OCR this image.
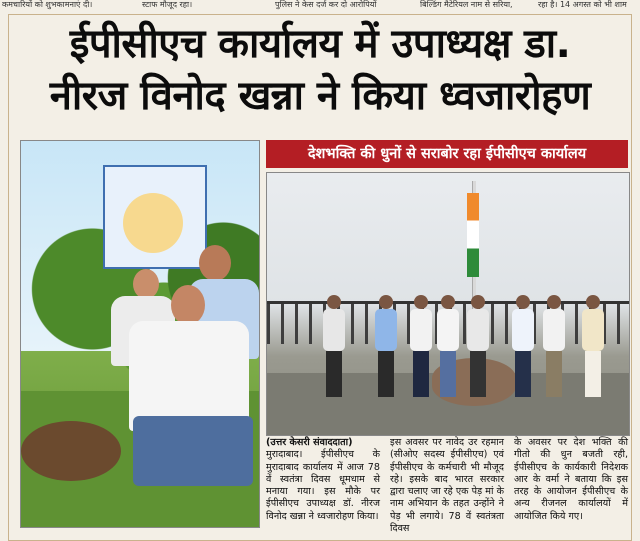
कमचारियों को शुभकामनाएं दी।	स्टाफ मौजूद रहा।	पुलिस ने केस दर्ज कर दो आरोपियों	बिल्डिंग मैटेरियल नाम से सरिया,	रहा है। 14 अगस्त को भी शाम
ईपीसीएच कार्यालय में उपाध्यक्ष डा.
नीरज विनोद खन्ना ने किया ध्वजारोहण
देशभक्ति की धुनों से सराबोर रहा ईपीसीएच कार्यालय

(उत्तर केसरी संवाददाता)

मुरादाबाद। ईपीसीएच के मुरादाबाद कार्यालय में आज 78 वें स्वतंत्रा दिवस धूमधाम से मनाया गया। इस मौके पर ईपीसीएच उपाध्यक्ष डॉ. नीरज विनोद खन्ना ने ध्वजारोहण किया।

इस अवसर पर नावेद उर रहमान (सीओए सदस्य ईपीसीएच) एवं ईपीसीएच के कर्मचारी भी मौजूद रहे। इसके बाद भारत सरकार द्वारा चलाए जा रहे एक पेड़ मां के नाम अभियान के तहत उन्होंने ने पेड़ भी लगाये। 78 वें स्वतंत्रता दिवस

के अवसर पर देश भक्ति की गीतो की धुन बजती रही, ईपीसीएच के कार्यकारी निदेशक आर के वर्मा ने बताया कि इस तरह के आयोजन ईपीसीएच के अन्य रीजनल कार्यालयों में आयोजित किये गए।
